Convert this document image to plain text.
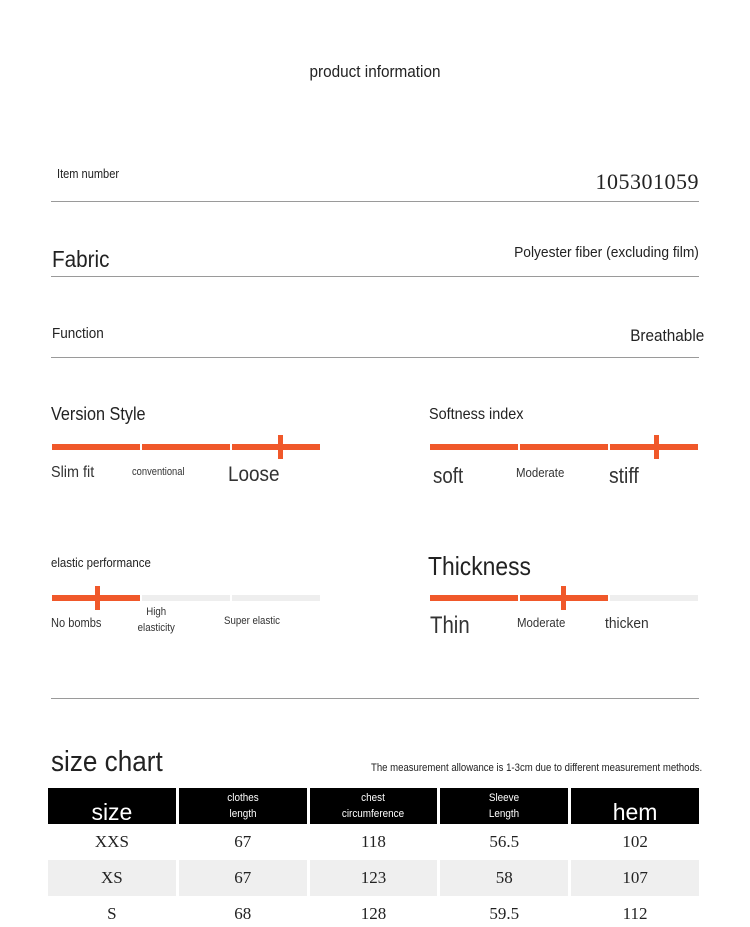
product information
Item number	105301059
Fabric	Polyester fiber (excluding film)
Function	Breathable
Version Style
Slim fit	conventional Loose
Softness index
soft	Moderate stiff
elastic performance
No bombs
High elasticity
Super elastic
Thickness
Thin	Moderate	thicken
size chart	The measurement allowance is 1-3cm due to different measurement methods.
size	clothes length	chest circumference	Sleeve Length	hem
XXS	67	118	56.5	102
XS	67	123	58	107
S	68	128	59.5	112
